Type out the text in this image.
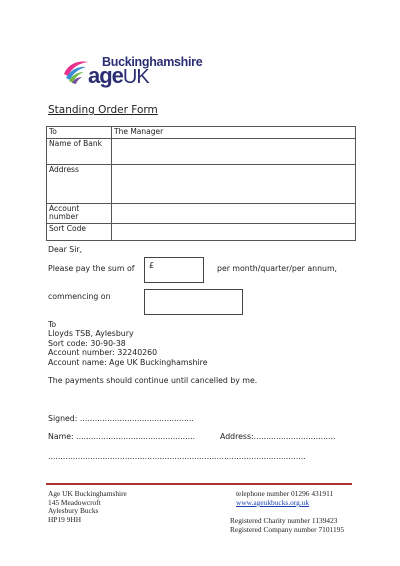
Buckinghamshire
ageUK
Standing Order Form
To	The Manager
Name of Bank	
Address	
Account number	
Sort Code	
Dear Sir,
Please pay the sum of £	per month/quarter/per annum,
commencing on
To
Lloyds TSB, Aylesbury
Sort code: 30-90-38
Account number: 32240260
Account name: Age UK Buckinghamshire
The payments should continue until cancelled by me.
Signed: ..............................................
Name: ................................................	Address:.................................
........................................................................................................
Age UK Buckinghamshire
145 Meadowcroft
Aylesbury Bucks
HP19 9HH
telephone number 01296 431911
www.ageukbucks.org.uk
Registered Charity number 1139423
Registered Company number 7101195
